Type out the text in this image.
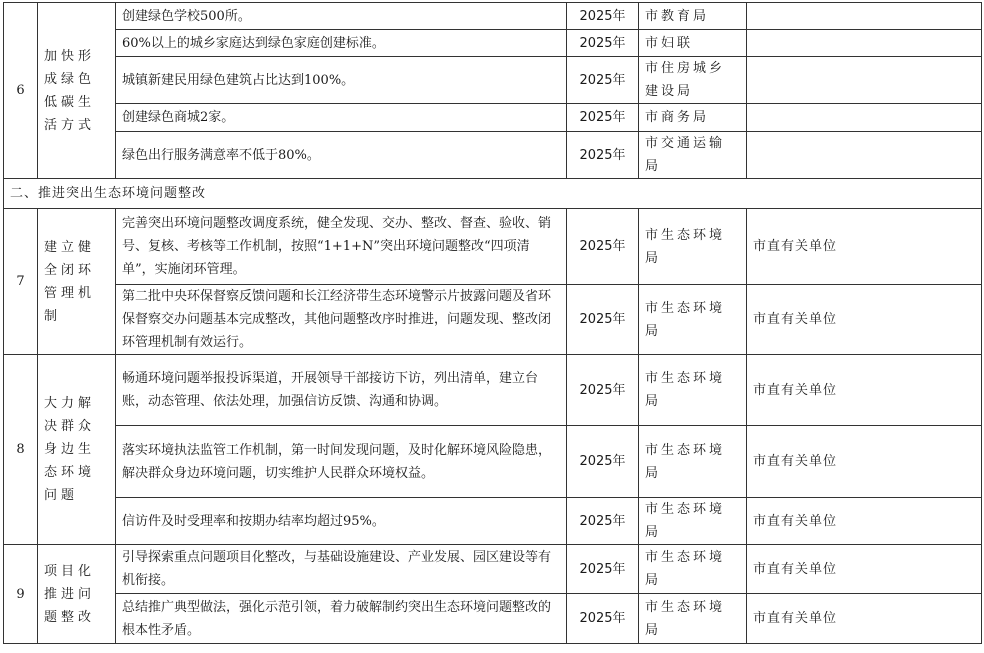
6	加快形成绿色低碳生活方式	创建绿色学校500所。	2025年	市教育局	
		60%以上的城乡家庭达到绿色家庭创建标准。	2025年	市妇联	
		城镇新建民用绿色建筑占比达到100%。	2025年	市住房城乡建设局	
		创建绿色商城2家。	2025年	市商务局	
		绿色出行服务满意率不低于80%。	2025年	市交通运输局	
二、推进突出生态环境问题整改					
7	建立健全闭环管理机制	完善突出环境问题整改调度系统，健全发现、交办、整改、督查、验收、销号、复核、考核等工作机制，按照“1+1+N”突出环境问题整改“四项清单”，实施闭环管理。	2025年	市生态环境局	市直有关单位
		第二批中央环保督察反馈问题和长江经济带生态环境警示片披露问题及省环保督察交办问题基本完成整改，其他问题整改序时推进，问题发现、整改闭环管理机制有效运行。	2025年	市生态环境局	市直有关单位
8	大力解决群众身边生态环境问题	畅通环境问题举报投诉渠道，开展领导干部接访下访，列出清单，建立台账，动态管理、依法处理，加强信访反馈、沟通和协调。	2025年	市生态环境局	市直有关单位
		落实环境执法监管工作机制，第一时间发现问题，及时化解环境风险隐患，解决群众身边环境问题，切实维护人民群众环境权益。	2025年	市生态环境局	市直有关单位
		信访件及时受理率和按期办结率均超过95%。	2025年	市生态环境局	市直有关单位
9	项目化推进问题整改	引导探索重点问题项目化整改，与基础设施建设、产业发展、园区建设等有机衔接。	2025年	市生态环境局	市直有关单位
		总结推广典型做法，强化示范引领，着力破解制约突出生态环境问题整改的根本性矛盾。	2025年	市生态环境局	市直有关单位
